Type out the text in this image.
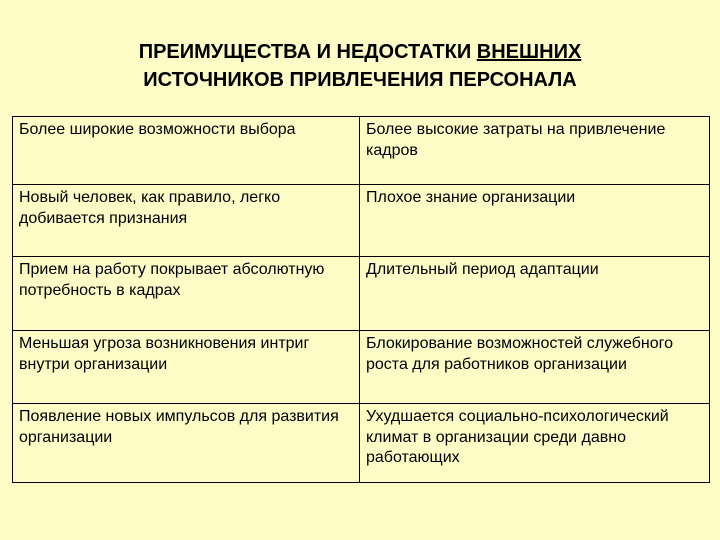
ПРЕИМУЩЕСТВА И НЕДОСТАТКИ ВНЕШНИХ
ИСТОЧНИКОВ ПРИВЛЕЧЕНИЯ ПЕРСОНАЛА
Более широкие возможности выбора	Более высокие затраты на привлечение кадров
Новый человек, как правило, легко добивается признания	Плохое знание организации
Прием на работу покрывает абсолютную потребность в кадрах	Длительный период адаптации
Меньшая угроза возникновения интриг внутри организации	Блокирование возможностей служебного роста для работников организации
Появление новых импульсов для развития организации	Ухудшается социально-психологический климат в организации среди давно работающих
